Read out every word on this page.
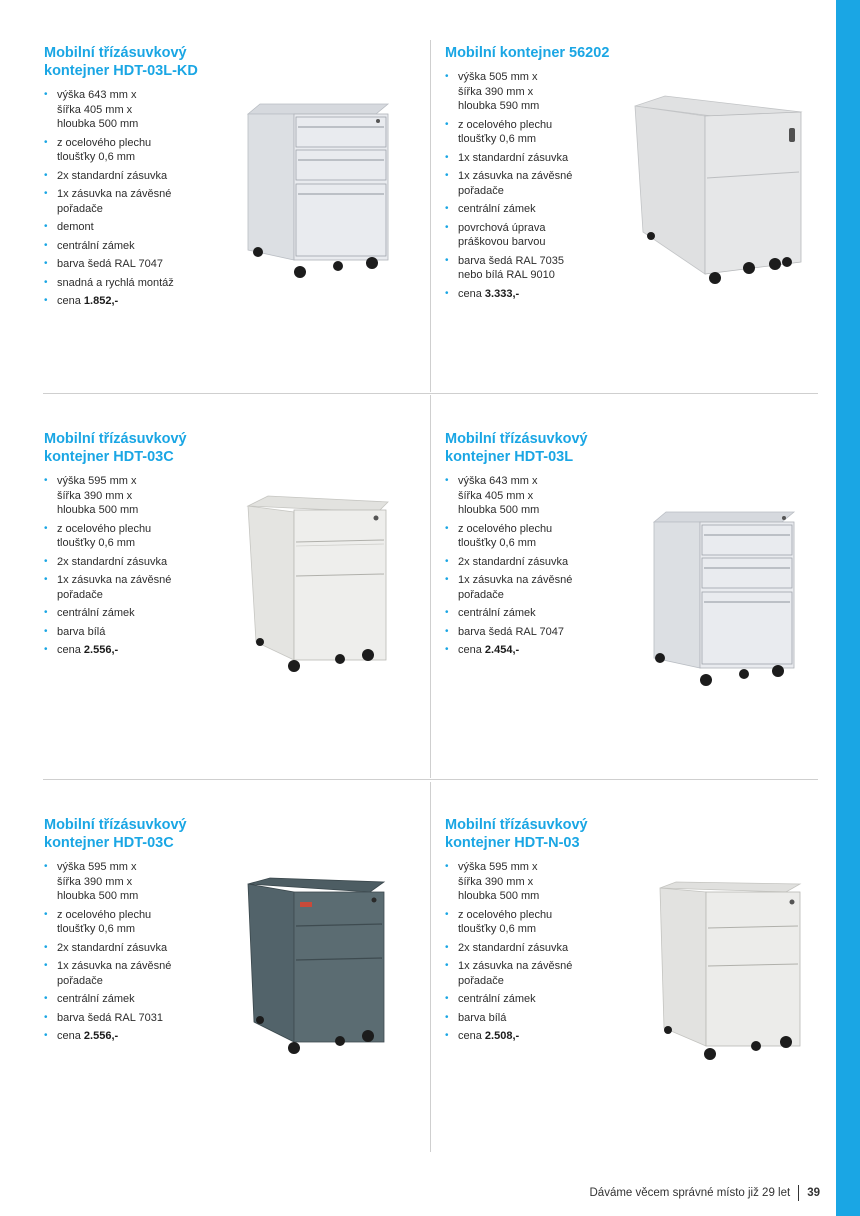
Mobilní třízásuvkový kontejner HDT-03L-KD
• výška 643 mm x
šířka 405 mm x
hloubka 500 mm
• z ocelového plechu
tloušťky 0,6 mm
• 2x standardní zásuvka
• 1x zásuvka na závěsné
pořadače
• demont
• centrální zámek
• barva šedá RAL 7047
• snadná a rychlá montáž
• cena 1.852,-
Mobilní kontejner 56202
• výška 505 mm x
šířka 390 mm x
hloubka 590 mm
• z ocelového plechu
tloušťky 0,6 mm
• 1x standardní zásuvka
• 1x zásuvka na závěsné
pořadače
• centrální zámek
• povrchová úprava
práškovou barvou
• barva šedá RAL 7035
nebo bílá RAL 9010
• cena 3.333,-
Mobilní třízásuvkový kontejner HDT-03C
• výška 595 mm x
šířka 390 mm x
hloubka 500 mm
• z ocelového plechu
tloušťky 0,6 mm
• 2x standardní zásuvka
• 1x zásuvka na závěsné
pořadače
• centrální zámek
• barva bílá
• cena 2.556,-
Mobilní třízásuvkový kontejner HDT-03L
• výška 643 mm x
šířka 405 mm x
hloubka 500 mm
• z ocelového plechu
tloušťky 0,6 mm
• 2x standardní zásuvka
• 1x zásuvka na závěsné
pořadače
• centrální zámek
• barva šedá RAL 7047
• cena 2.454,-
Mobilní třízásuvkový kontejner HDT-03C
• výška 595 mm x
šířka 390 mm x
hloubka 500 mm
• z ocelového plechu
tloušťky 0,6 mm
• 2x standardní zásuvka
• 1x zásuvka na závěsné
pořadače
• centrální zámek
• barva šedá RAL 7031
• cena 2.556,-
Mobilní třízásuvkový kontejner HDT-N-03
• výška 595 mm x
šířka 390 mm x
hloubka 500 mm
• z ocelového plechu
tloušťky 0,6 mm
• 2x standardní zásuvka
• 1x zásuvka na závěsné
pořadače
• centrální zámek
• barva bílá
• cena 2.508,-
Dáváme věcem správné místo již 29 let 39
